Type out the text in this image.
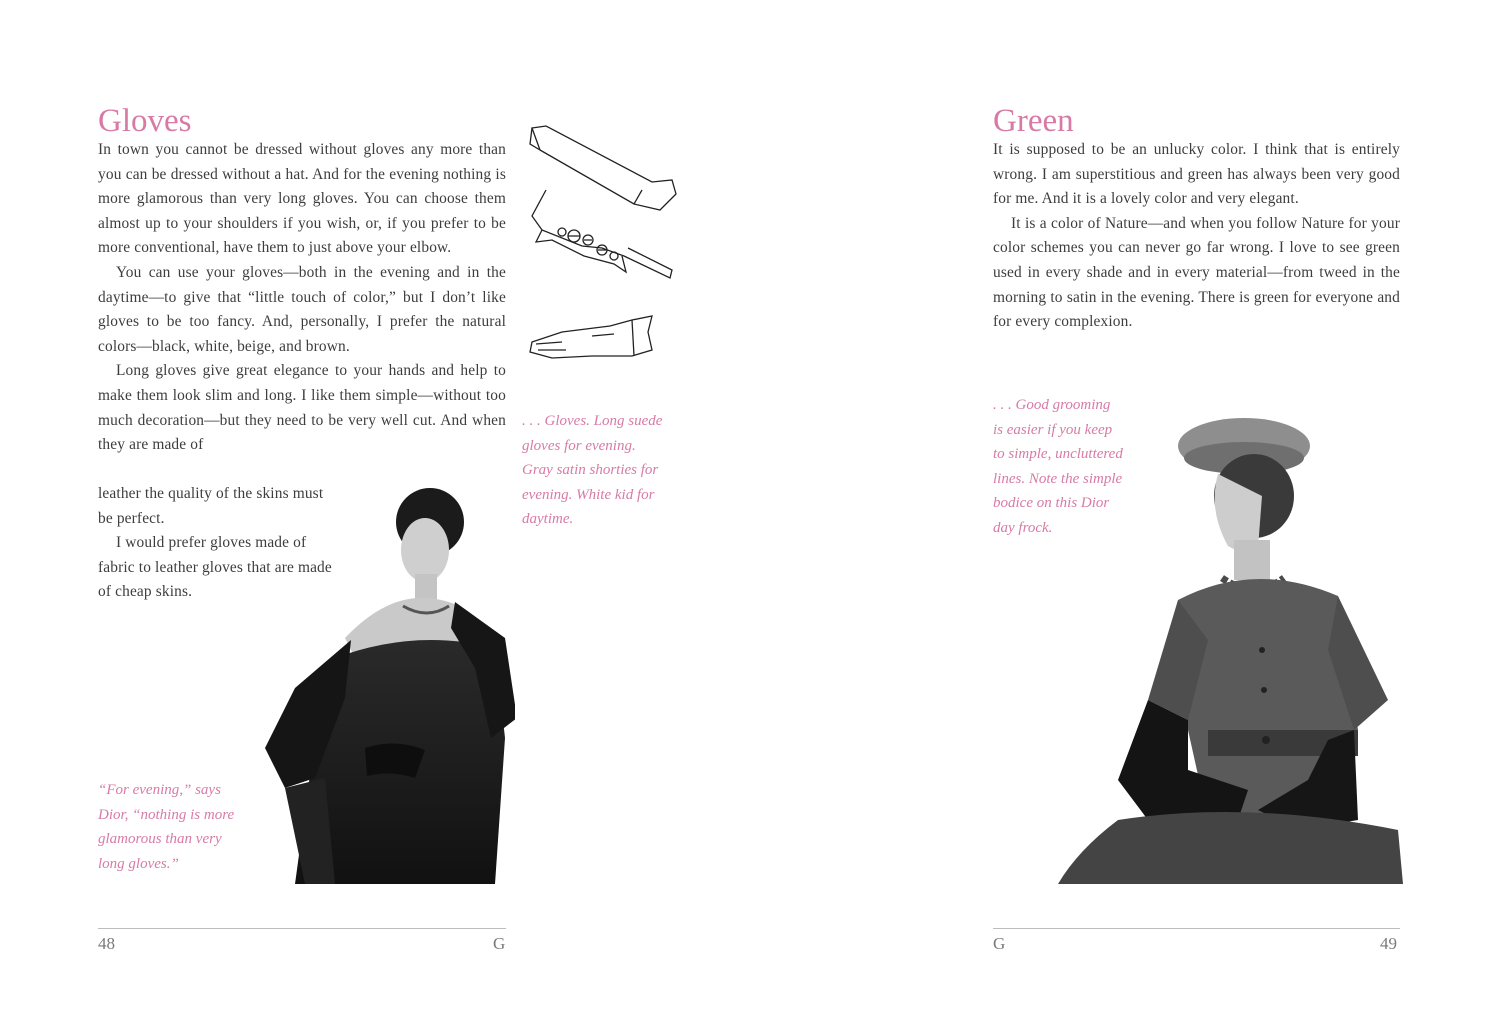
Gloves

In town you cannot be dressed without gloves any more than you can be dressed without a hat. And for the evening nothing is more glamorous than very long gloves. You can choose them almost up to your shoulders if you wish, or, if you prefer to be more conventional, have them to just above your elbow.

You can use your gloves—both in the evening and in the daytime—to give that “little touch of color,” but I don’t like gloves to be too fancy. And, personally, I prefer the natural colors—black, white, beige, and brown.

Long gloves give great elegance to your hands and help to make them look slim and long. I like them simple—without too much decoration—but they need to be very well cut. And when they are made of

leather the quality of the skins must

be perfect.

I would prefer gloves made of

fabric to leather gloves that are made

of cheap skins.

. . . Gloves. Long suede
gloves for evening.
Gray satin shorties for
evening. White kid for
daytime.

“For evening,” says
Dior, “nothing is more
glamorous than very
long gloves.”

48	G
Green

It is supposed to be an unlucky color. I think that is entirely wrong. I am superstitious and green has always been very good for me. And it is a lovely color and very elegant.

It is a color of Nature—and when you follow Nature for your color schemes you can never go far wrong. I love to see green used in every shade and in every material—from tweed in the morning to satin in the evening. There is green for everyone and for every complexion.

. . . Good grooming
is easier if you keep
to simple, uncluttered
lines. Note the simple
bodice on this Dior
day frock.

G	49
